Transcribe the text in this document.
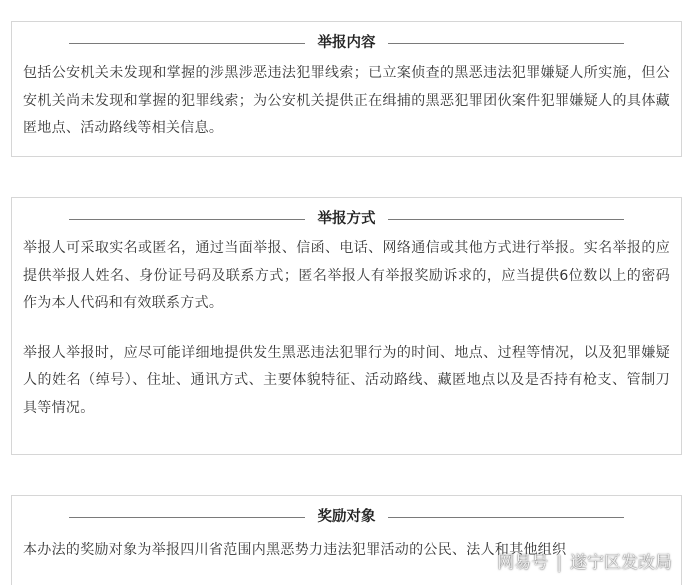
举报内容

包括公安机关未发现和掌握的涉黑涉恶违法犯罪线索；已立案侦查的黑恶违法犯罪嫌疑人所实施，但公安机关尚未发现和掌握的犯罪线索；为公安机关提供正在缉捕的黑恶犯罪团伙案件犯罪嫌疑人的具体藏匿地点、活动路线等相关信息。

举报方式

举报人可采取实名或匿名，通过当面举报、信函、电话、网络通信或其他方式进行举报。实名举报的应提供举报人姓名、身份证号码及联系方式；匿名举报人有举报奖励诉求的，应当提供6位数以上的密码作为本人代码和有效联系方式。

举报人举报时，应尽可能详细地提供发生黑恶违法犯罪行为的时间、地点、过程等情况，以及犯罪嫌疑人的姓名（绰号）、住址、通讯方式、主要体貌特征、活动路线、藏匿地点以及是否持有枪支、管制刀具等情况。

奖励对象

本办法的奖励对象为举报四川省范围内黑恶势力违法犯罪活动的公民、法人和其他组织

网易号 | 遂宁区发改局
